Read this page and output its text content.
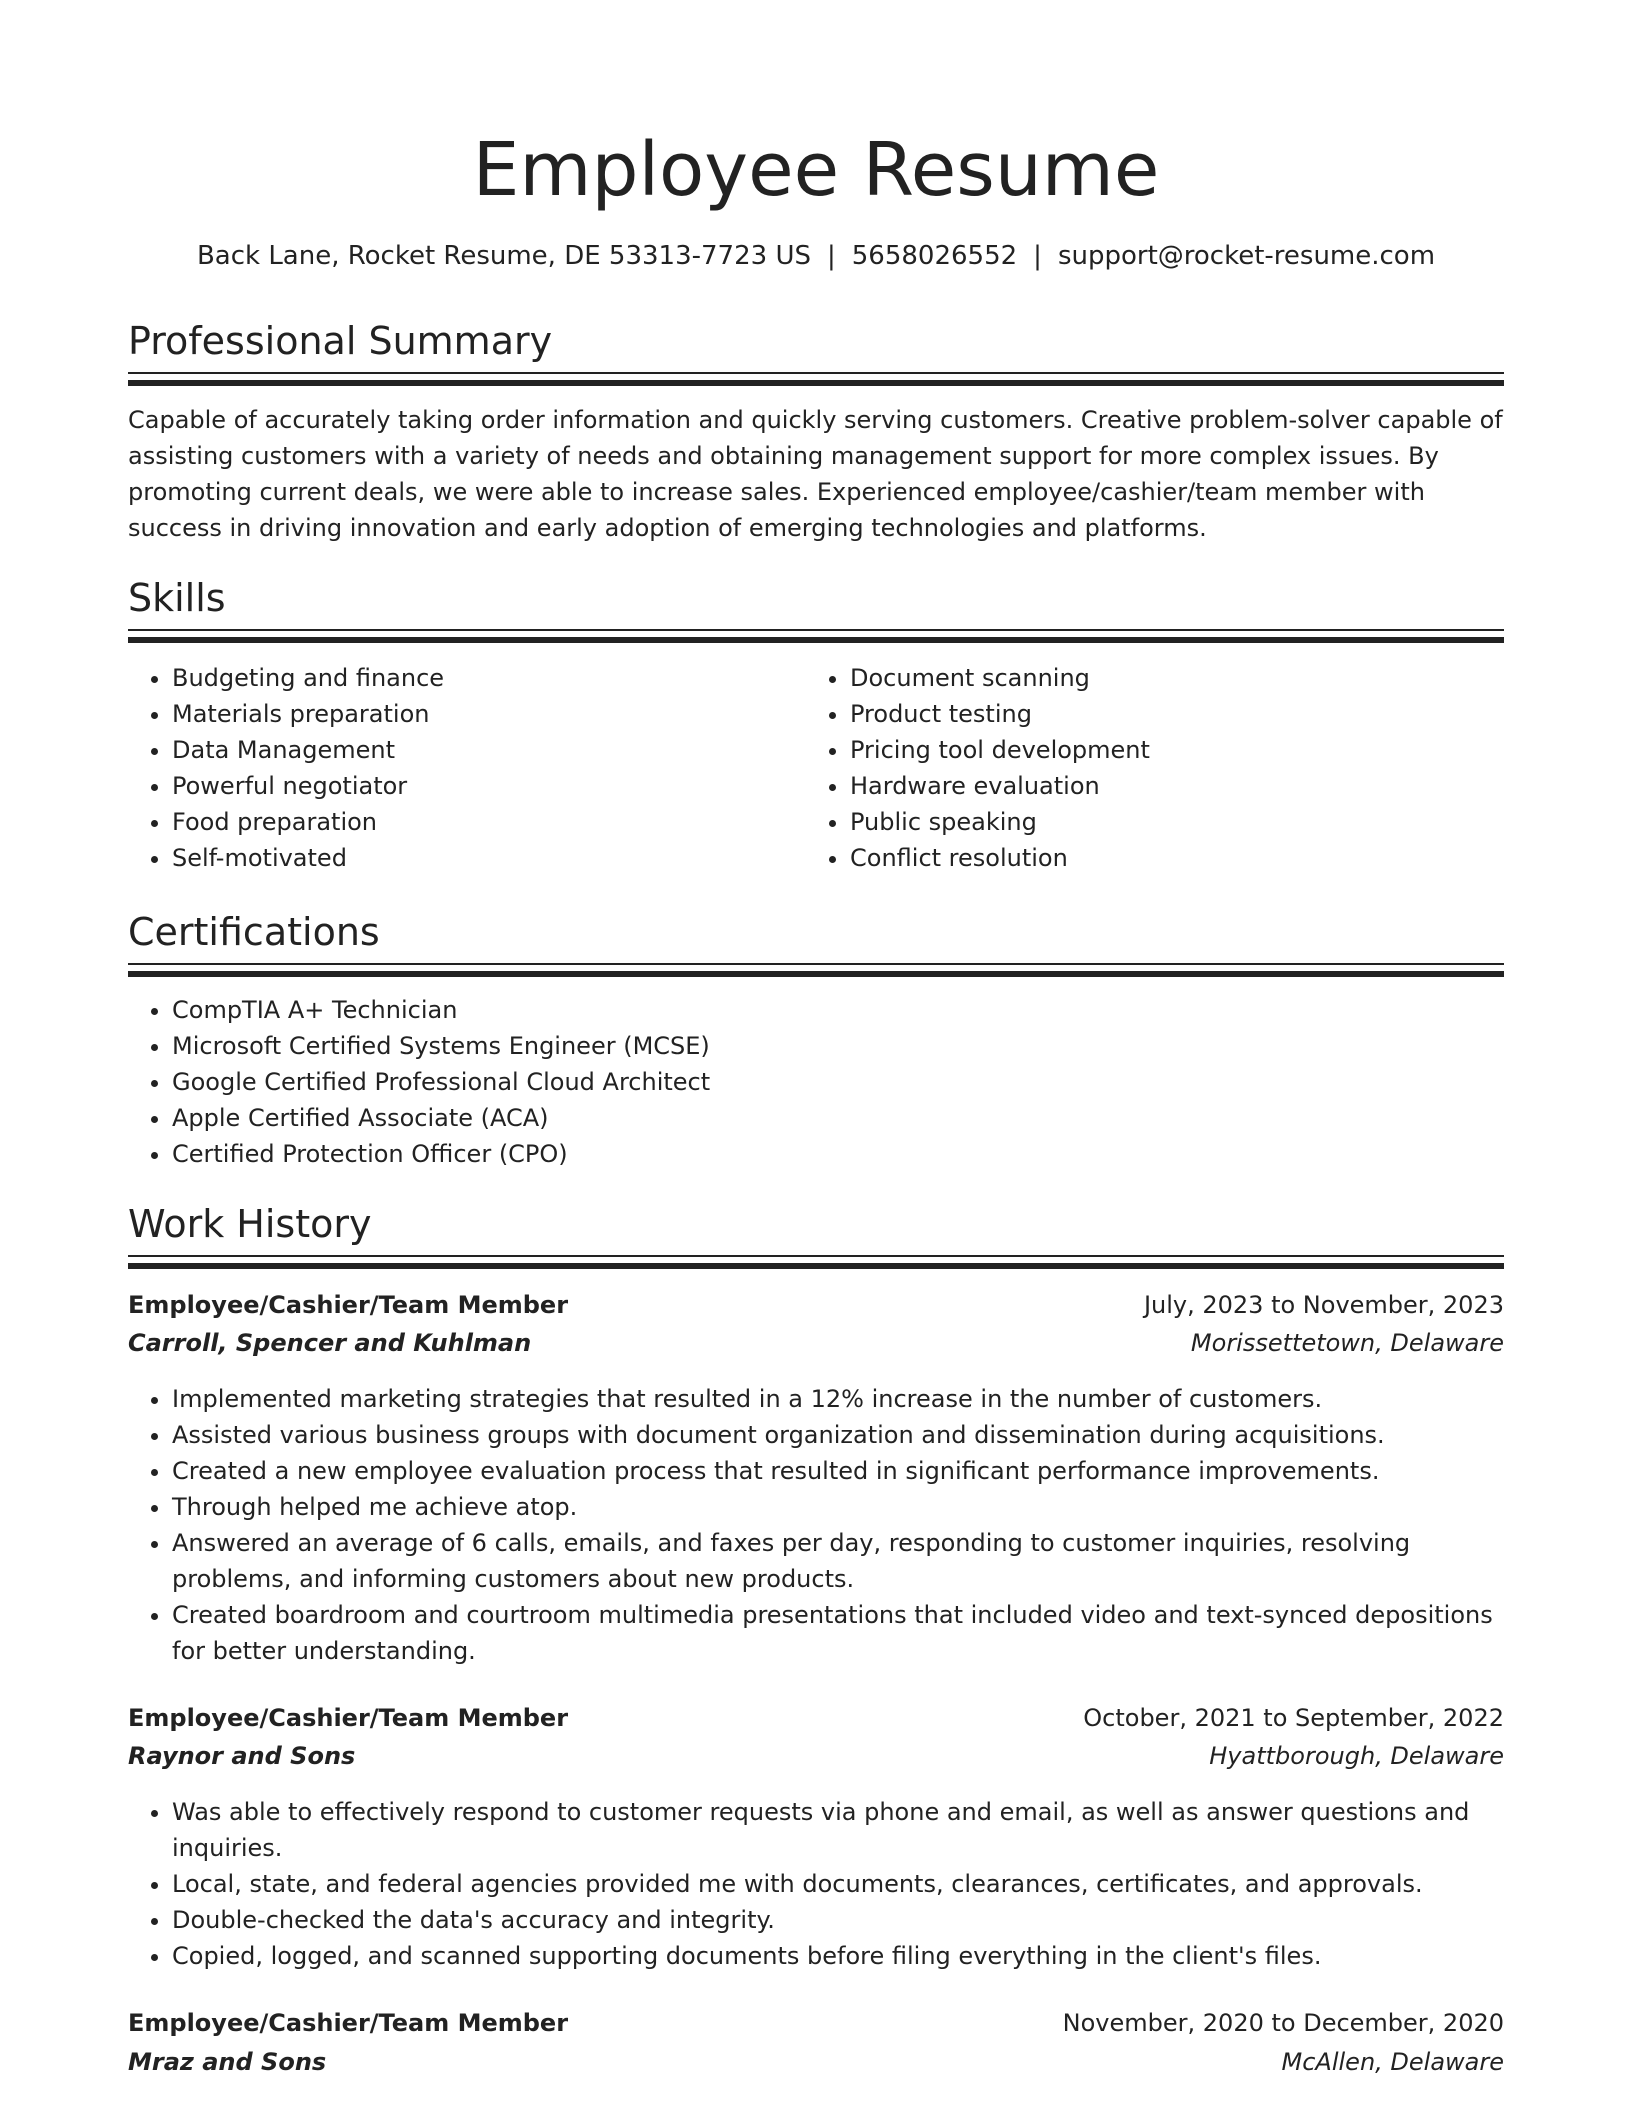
Employee Resume
Back Lane, Rocket Resume, DE 53313-7723 US | 5658026552 | support@rocket-resume.com
Professional Summary

Capable of accurately taking order information and quickly serving customers. Creative problem-solver capable of assisting customers with a variety of needs and obtaining management support for more complex issues. By promoting current deals, we were able to increase sales. Experienced employee/cashier/team member with success in driving innovation and early adoption of emerging technologies and platforms.

Skills
• Budgeting and finance
• Materials preparation
• Data Management
• Powerful negotiator
• Food preparation
• Self-motivated
• Document scanning
• Product testing
• Pricing tool development
• Hardware evaluation
• Public speaking
• Conflict resolution
Certifications
• CompTIA A+ Technician
• Microsoft Certified Systems Engineer (MCSE)
• Google Certified Professional Cloud Architect
• Apple Certified Associate (ACA)
• Certified Protection Officer (CPO)
Work History
Employee/Cashier/Team Member	July, 2023 to November, 2023
Carroll, Spencer and Kuhlman	Morissettetown, Delaware
• Implemented marketing strategies that resulted in a 12% increase in the number of customers.
• Assisted various business groups with document organization and dissemination during acquisitions.
• Created a new employee evaluation process that resulted in significant performance improvements.
• Through helped me achieve atop.
• Answered an average of 6 calls, emails, and faxes per day, responding to customer inquiries, resolving problems, and informing customers about new products.
• Created boardroom and courtroom multimedia presentations that included video and text-synced depositions for better understanding.
Employee/Cashier/Team Member	October, 2021 to September, 2022
Raynor and Sons	Hyattborough, Delaware
• Was able to effectively respond to customer requests via phone and email, as well as answer questions and inquiries.
• Local, state, and federal agencies provided me with documents, clearances, certificates, and approvals.
• Double-checked the data's accuracy and integrity.
• Copied, logged, and scanned supporting documents before filing everything in the client's files.
Employee/Cashier/Team Member	November, 2020 to December, 2020
Mraz and Sons	McAllen, Delaware
